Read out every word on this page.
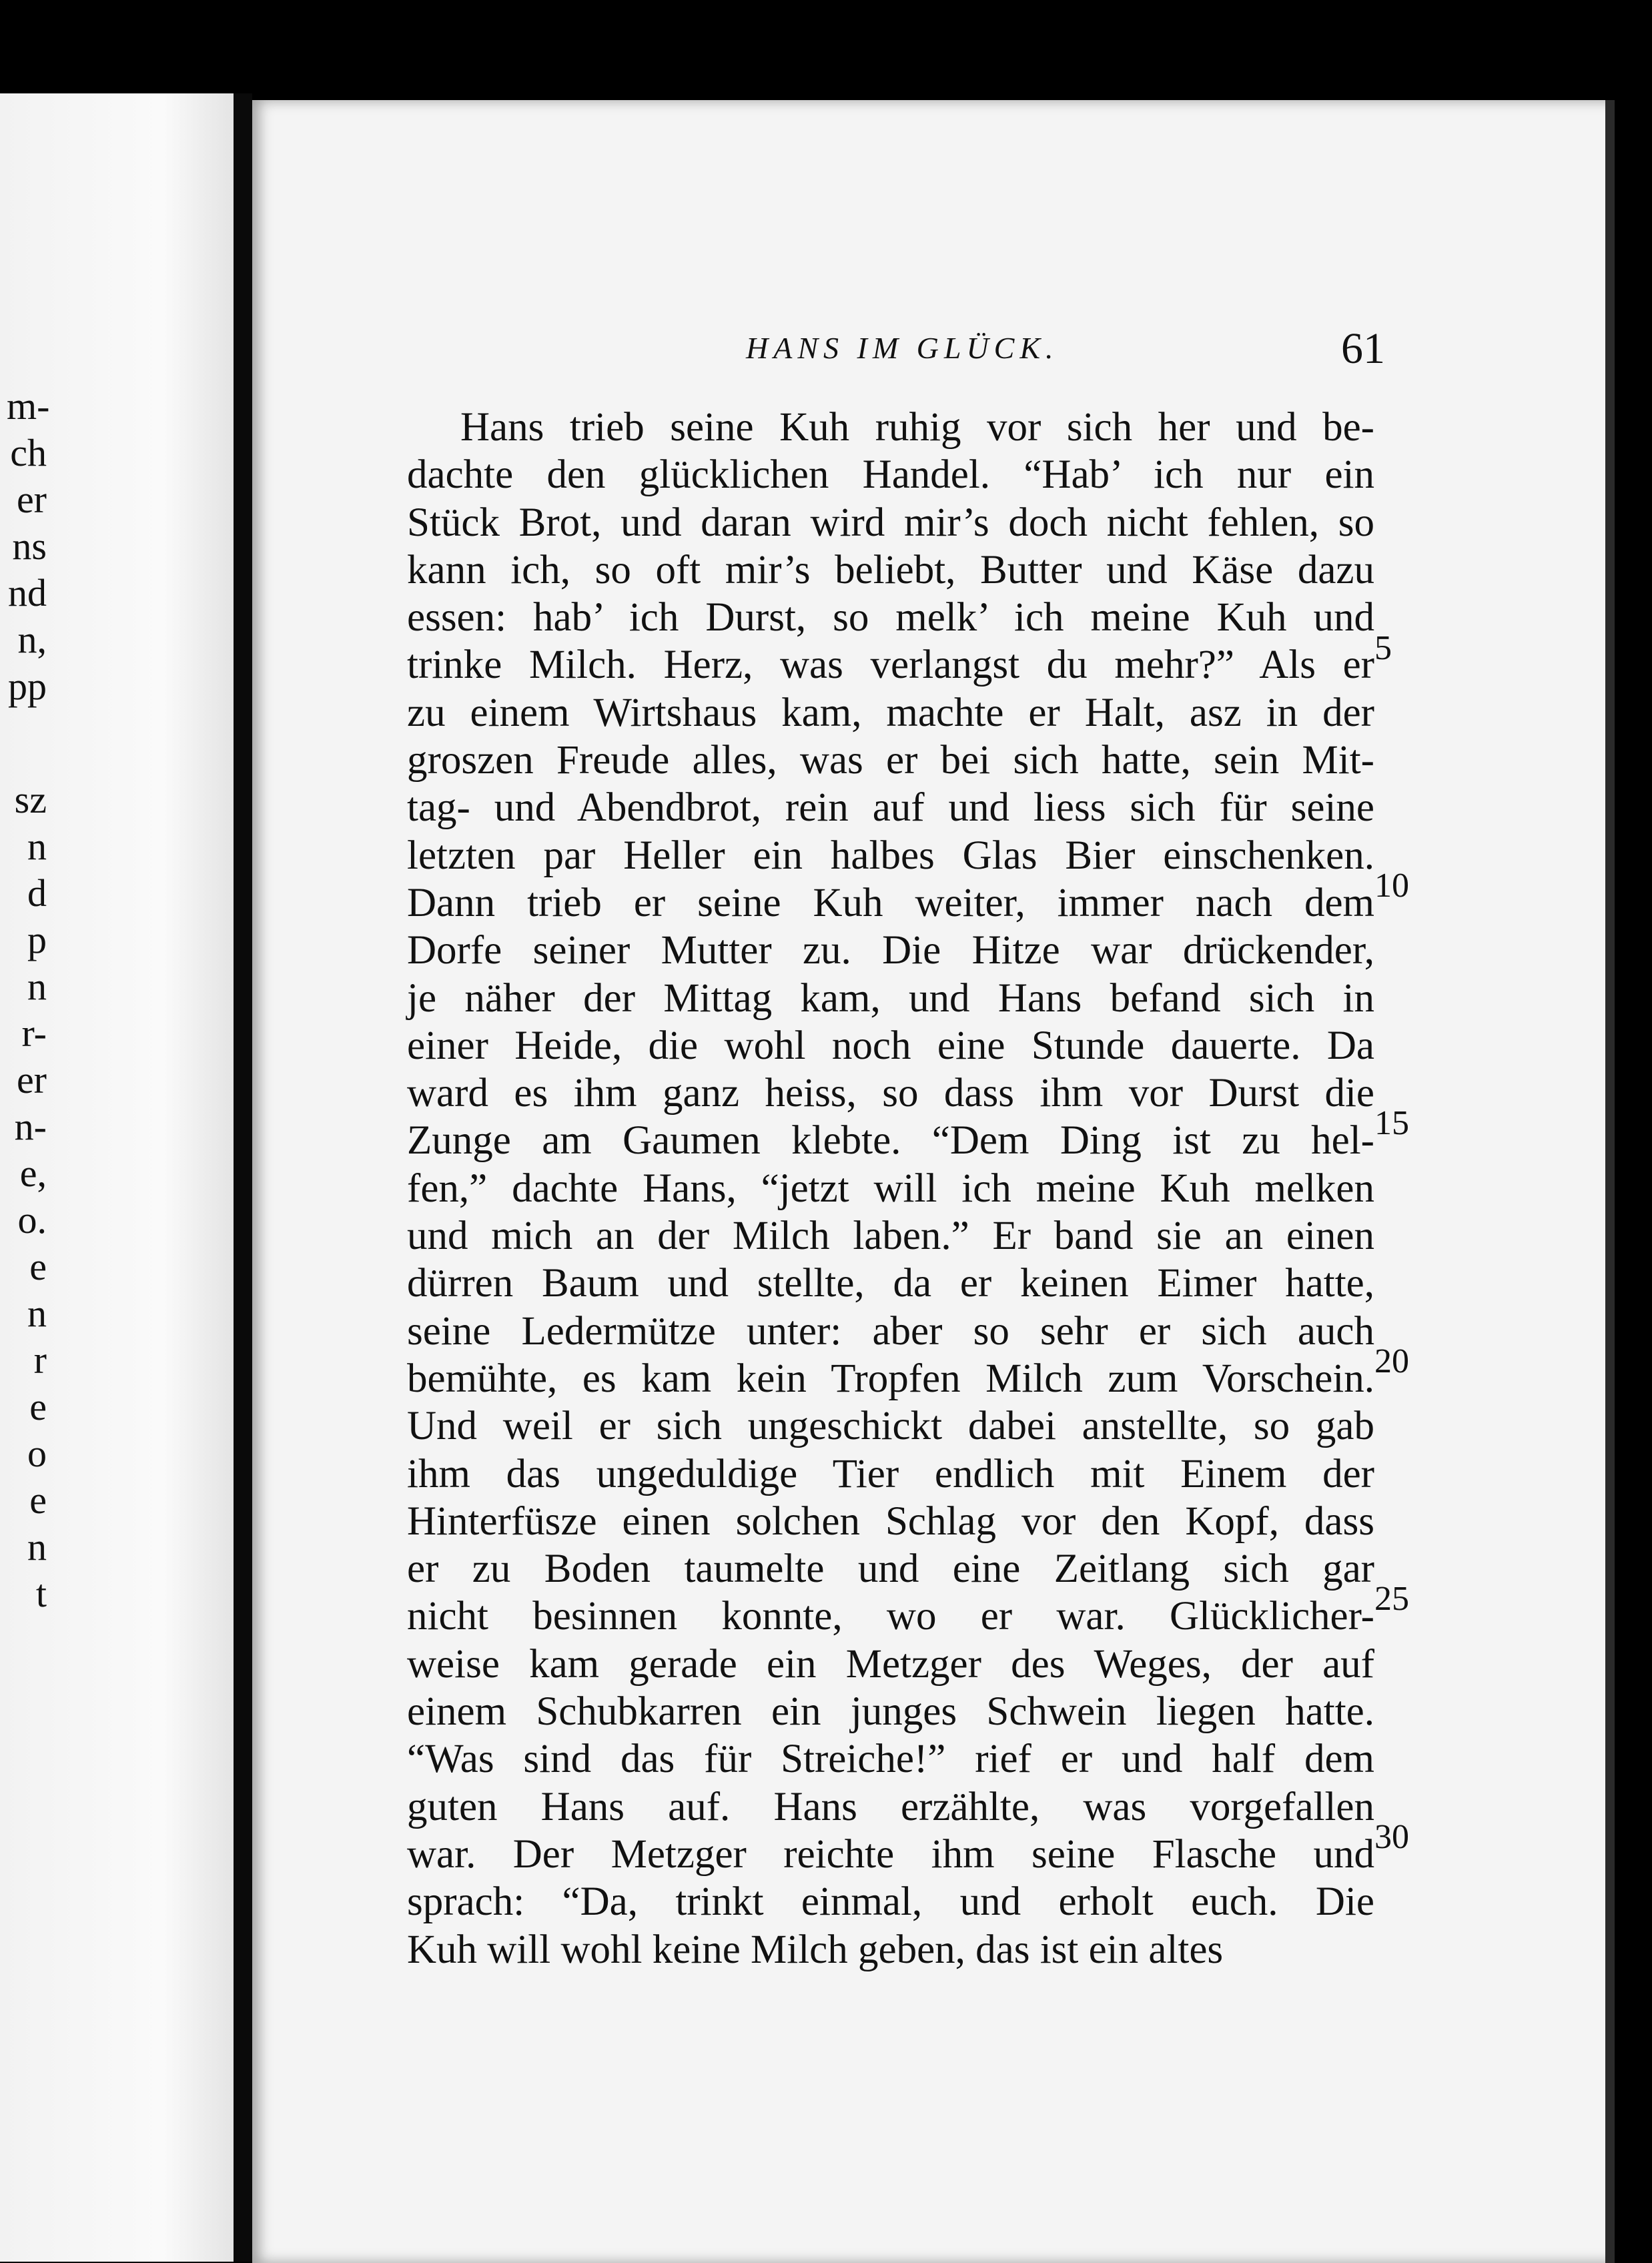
m-
ch
er
ns
nd
n,
pp
sz
n
d
p
n
r-
er
n-
e,
o.
e
n
r
e
o
e
n
t
HANS IM GLÜCK.	61
Hans trieb seine Kuh ruhig vor sich her und be-
dachte den glücklichen Handel. “Hab’ ich nur ein
Stück Brot, und daran wird mir’s doch nicht fehlen, so
kann ich, so oft mir’s beliebt, Butter und Käse dazu
essen: hab’ ich Durst, so melk’ ich meine Kuh und
trinke Milch. Herz, was verlangst du mehr?” Als er
zu einem Wirtshaus kam, machte er Halt, asz in der
groszen Freude alles, was er bei sich hatte, sein Mit-
tag- und Abendbrot, rein auf und liess sich für seine
letzten par Heller ein halbes Glas Bier einschenken.
Dann trieb er seine Kuh weiter, immer nach dem
Dorfe seiner Mutter zu. Die Hitze war drückender,
je näher der Mittag kam, und Hans befand sich in
einer Heide, die wohl noch eine Stunde dauerte. Da
ward es ihm ganz heiss, so dass ihm vor Durst die
Zunge am Gaumen klebte. “Dem Ding ist zu hel-
fen,” dachte Hans, “jetzt will ich meine Kuh melken
und mich an der Milch laben.” Er band sie an einen
dürren Baum und stellte, da er keinen Eimer hatte,
seine Ledermütze unter: aber so sehr er sich auch
bemühte, es kam kein Tropfen Milch zum Vorschein.
Und weil er sich ungeschickt dabei anstellte, so gab
ihm das ungeduldige Tier endlich mit Einem der
Hinterfüsze einen solchen Schlag vor den Kopf, dass
er zu Boden taumelte und eine Zeitlang sich gar
nicht besinnen konnte, wo er war. Glücklicher-
weise kam gerade ein Metzger des Weges, der auf
einem Schubkarren ein junges Schwein liegen hatte.
“Was sind das für Streiche!” rief er und half dem
guten Hans auf. Hans erzählte, was vorgefallen
war. Der Metzger reichte ihm seine Flasche und
sprach: “Da, trinkt einmal, und erholt euch. Die
Kuh will wohl keine Milch geben, das ist ein altes
5
10
15
20
25
30
